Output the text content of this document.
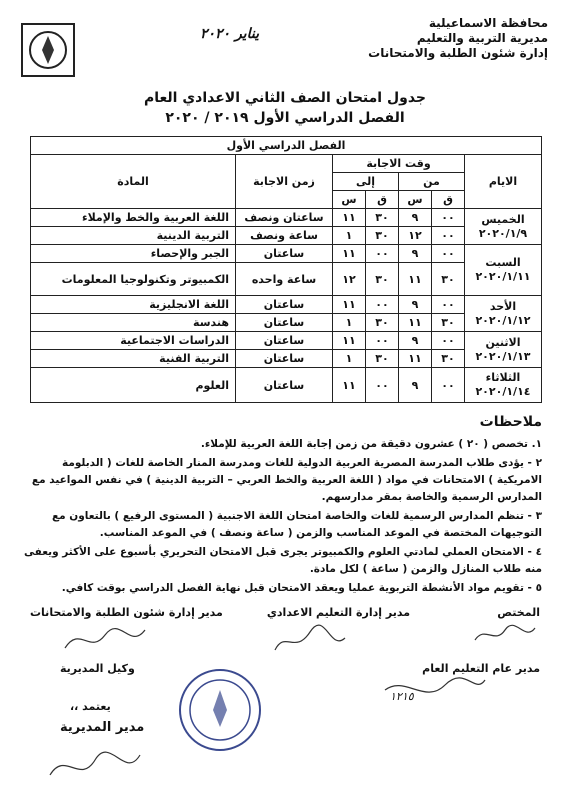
محافظة الاسماعيلية
مديرية التربية والتعليم
إدارة شئون الطلبة والامتحانات
يناير ٢٠٢٠
جدول امتحان الصف الثاني الاعدادي العام
الفصل الدراسي الأول ٢٠١٩ / ٢٠٢٠
الفصل الدراسي الأول						
الايام	وقت الاجابة				زمن الاجابة	المادة
	من		إلى			
	ق	س	ق	س		
الخميس ٢٠٢٠/١/٩	٠٠	٩	٣٠	١١	ساعتان ونصف	اللغة العربية والخط والإملاء
	٠٠	١٢	٣٠	١	ساعة ونصف	التربية الدينية
السبت ٢٠٢٠/١/١١	٠٠	٩	٠٠	١١	ساعتان	الجبر والإحصاء
	٣٠	١١	٣٠	١٢	ساعة واحده	الكمبيوتر وتكنولوجيا المعلومات
الأحد ٢٠٢٠/١/١٢	٠٠	٩	٠٠	١١	ساعتان	اللغة الانجليزية
	٣٠	١١	٣٠	١	ساعتان	هندسة
الاثنين ٢٠٢٠/١/١٣	٠٠	٩	٠٠	١١	ساعتان	الدراسات الاجتماعية
	٣٠	١١	٣٠	١	ساعتان	التربية الفنية
الثلاثاء ٢٠٢٠/١/١٤	٠٠	٩	٠٠	١١	ساعتان	العلوم
ملاحظات

١. تخصص ( ٢٠ ) عشرون دقيقة من زمن إجابة اللغة العربية للإملاء.

٢ - يؤدى طلاب المدرسة المصرية العربية الدولية للغات ومدرسة المنار الخاصة للغات ( الدبلومة الامريكية ) الامتحانات في مواد ( اللغة العربية والخط العربي – التربية الدينية ) في نفس المواعيد مع المدارس الرسمية والخاصة بمقر مدارسهم.

٣ - تنظم المدارس الرسمية للغات والخاصة امتحان اللغة الاجنبية ( المستوى الرفيع ) بالتعاون مع التوجيهات المختصة في الموعد المناسب والزمن ( ساعة ونصف ) في الموعد المناسب.

٤ - الامتحان العملي لمادتي العلوم والكمبيوتر يجرى قبل الامتحان التحريري بأسبوع على الأكثر ويعفى منه طلاب المنازل والزمن ( ساعة ) لكل مادة.

٥ - تقويم مواد الأنشطة التربوية عمليا ويعقد الامتحان قبل نهاية الفصل الدراسي بوقت كافي.

المختص
مدير إدارة التعليم الاعدادي
مدير إدارة شئون الطلبة والامتحانات
مدير عام التعليم العام
وكيل المديرية
يعتمد ،،
مدير المديرية
١٢١٥
